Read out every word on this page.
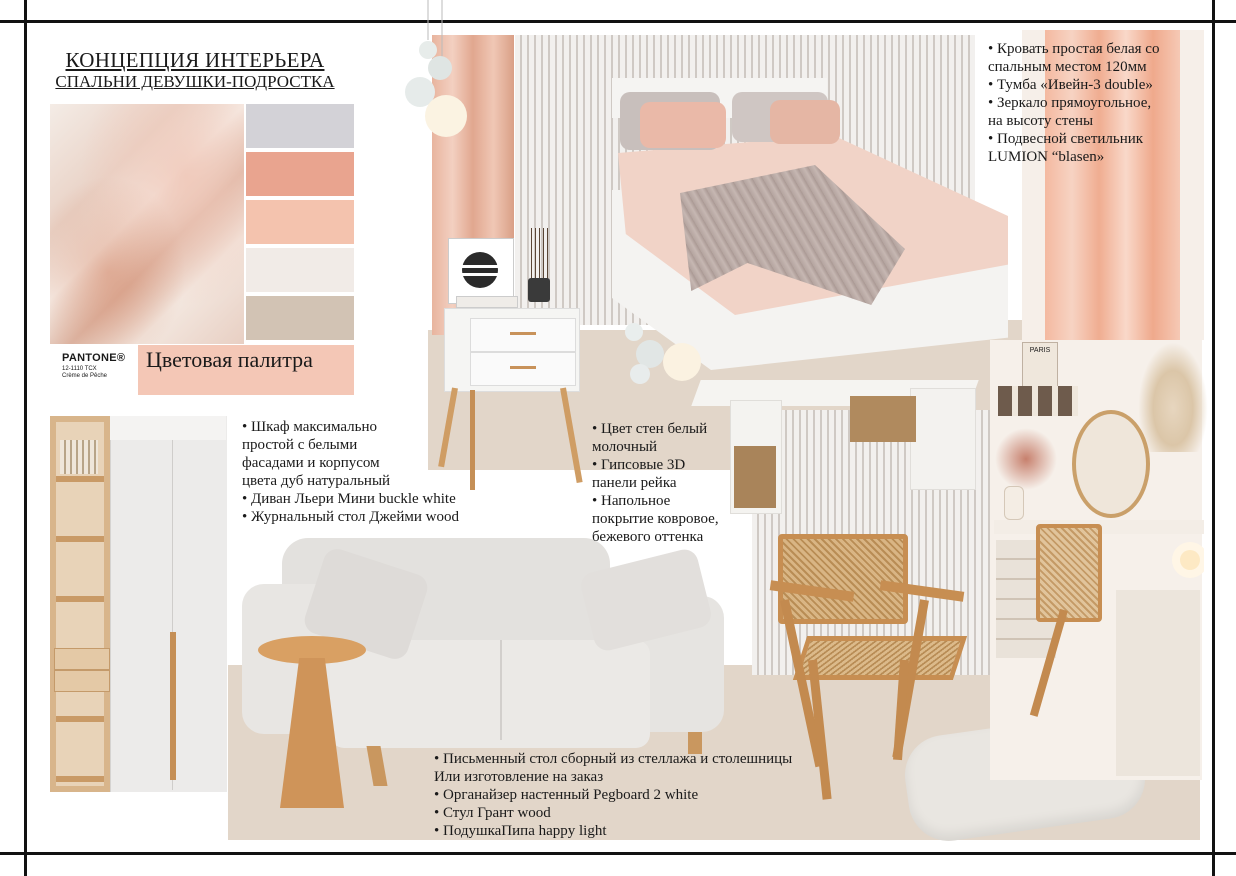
КОНЦЕПЦИЯ ИНТЕРЬЕРА
СПАЛЬНИ ДЕВУШКИ-ПОДРОСТКА
PANTONE®
12-1110 TCX
Crème de Pêche
Цветовая палитра	PARIS
• Кровать простая белая со
спальным местом 120мм
• Тумба «Ивейн-3 double»
• Зеркало прямоугольное,
на высоту стены
• Подвесной светильник
LUMION “blasen»
• Шкаф максимально
простой с белыми
фасадами и корпусом
цвета дуб натуральный
• Диван Льери Мини buckle white
• Журнальный стол Джейми wood
• Цвет стен белый
молочный
• Гипсовые 3D
панели рейка
• Напольное
покрытие ковровое,
бежевого оттенка
• Письменный стол сборный из стеллажа и столешницы
Или изготовление на заказ
• Органайзер настенный Pegboard 2 white
• Стул Грант wood
• ПодушкаПипа happy light
